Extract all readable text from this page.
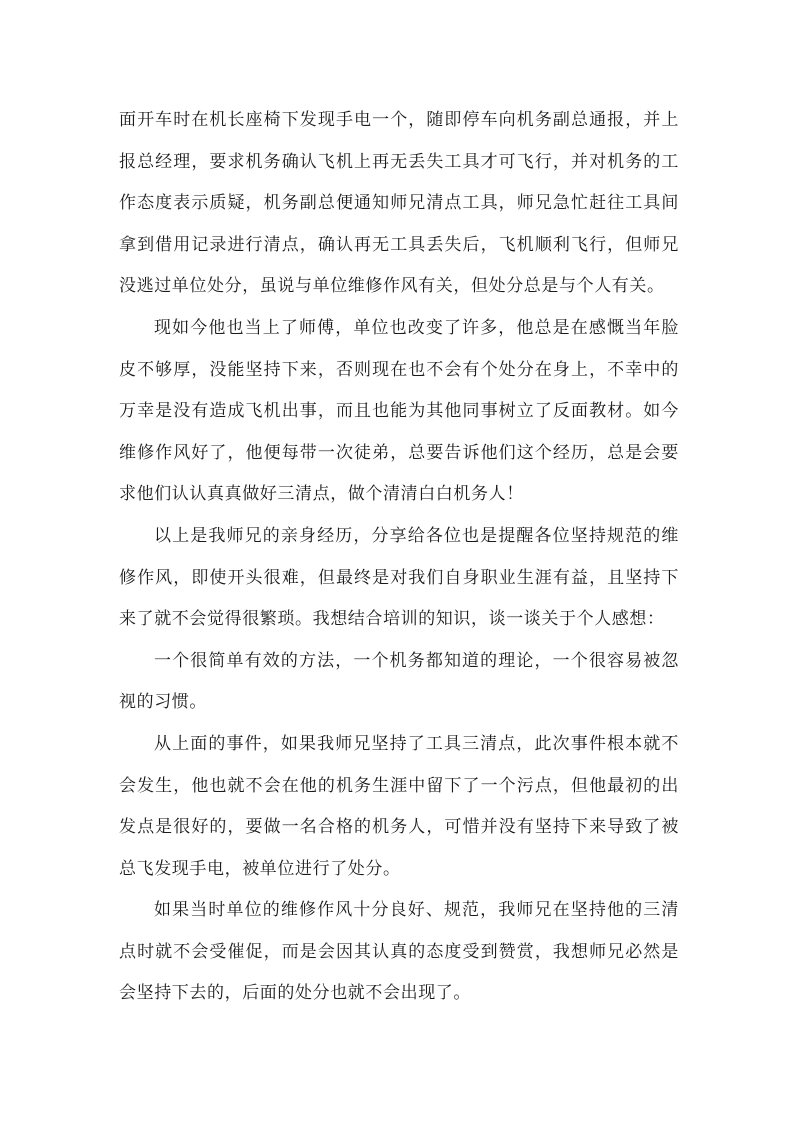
面开车时在机长座椅下发现手电一个，随即停车向机务副总通报，并上报总经理，要求机务确认飞机上再无丢失工具才可飞行，并对机务的工作态度表示质疑，机务副总便通知师兄清点工具，师兄急忙赶往工具间拿到借用记录进行清点，确认再无工具丢失后，飞机顺利飞行，但师兄没逃过单位处分，虽说与单位维修作风有关，但处分总是与个人有关。

现如今他也当上了师傅，单位也改变了许多，他总是在感慨当年脸皮不够厚，没能坚持下来，否则现在也不会有个处分在身上，不幸中的万幸是没有造成飞机出事，而且也能为其他同事树立了反面教材。如今维修作风好了，他便每带一次徒弟，总要告诉他们这个经历，总是会要求他们认认真真做好三清点，做个清清白白机务人！

以上是我师兄的亲身经历，分享给各位也是提醒各位坚持规范的维修作风，即使开头很难，但最终是对我们自身职业生涯有益，且坚持下来了就不会觉得很繁琐。我想结合培训的知识，谈一谈关于个人感想：

一个很简单有效的方法，一个机务都知道的理论，一个很容易被忽视的习惯。

从上面的事件，如果我师兄坚持了工具三清点，此次事件根本就不会发生，他也就不会在他的机务生涯中留下了一个污点，但他最初的出发点是很好的，要做一名合格的机务人，可惜并没有坚持下来导致了被总飞发现手电，被单位进行了处分。

如果当时单位的维修作风十分良好、规范，我师兄在坚持他的三清点时就不会受催促，而是会因其认真的态度受到赞赏，我想师兄必然是会坚持下去的，后面的处分也就不会出现了。
